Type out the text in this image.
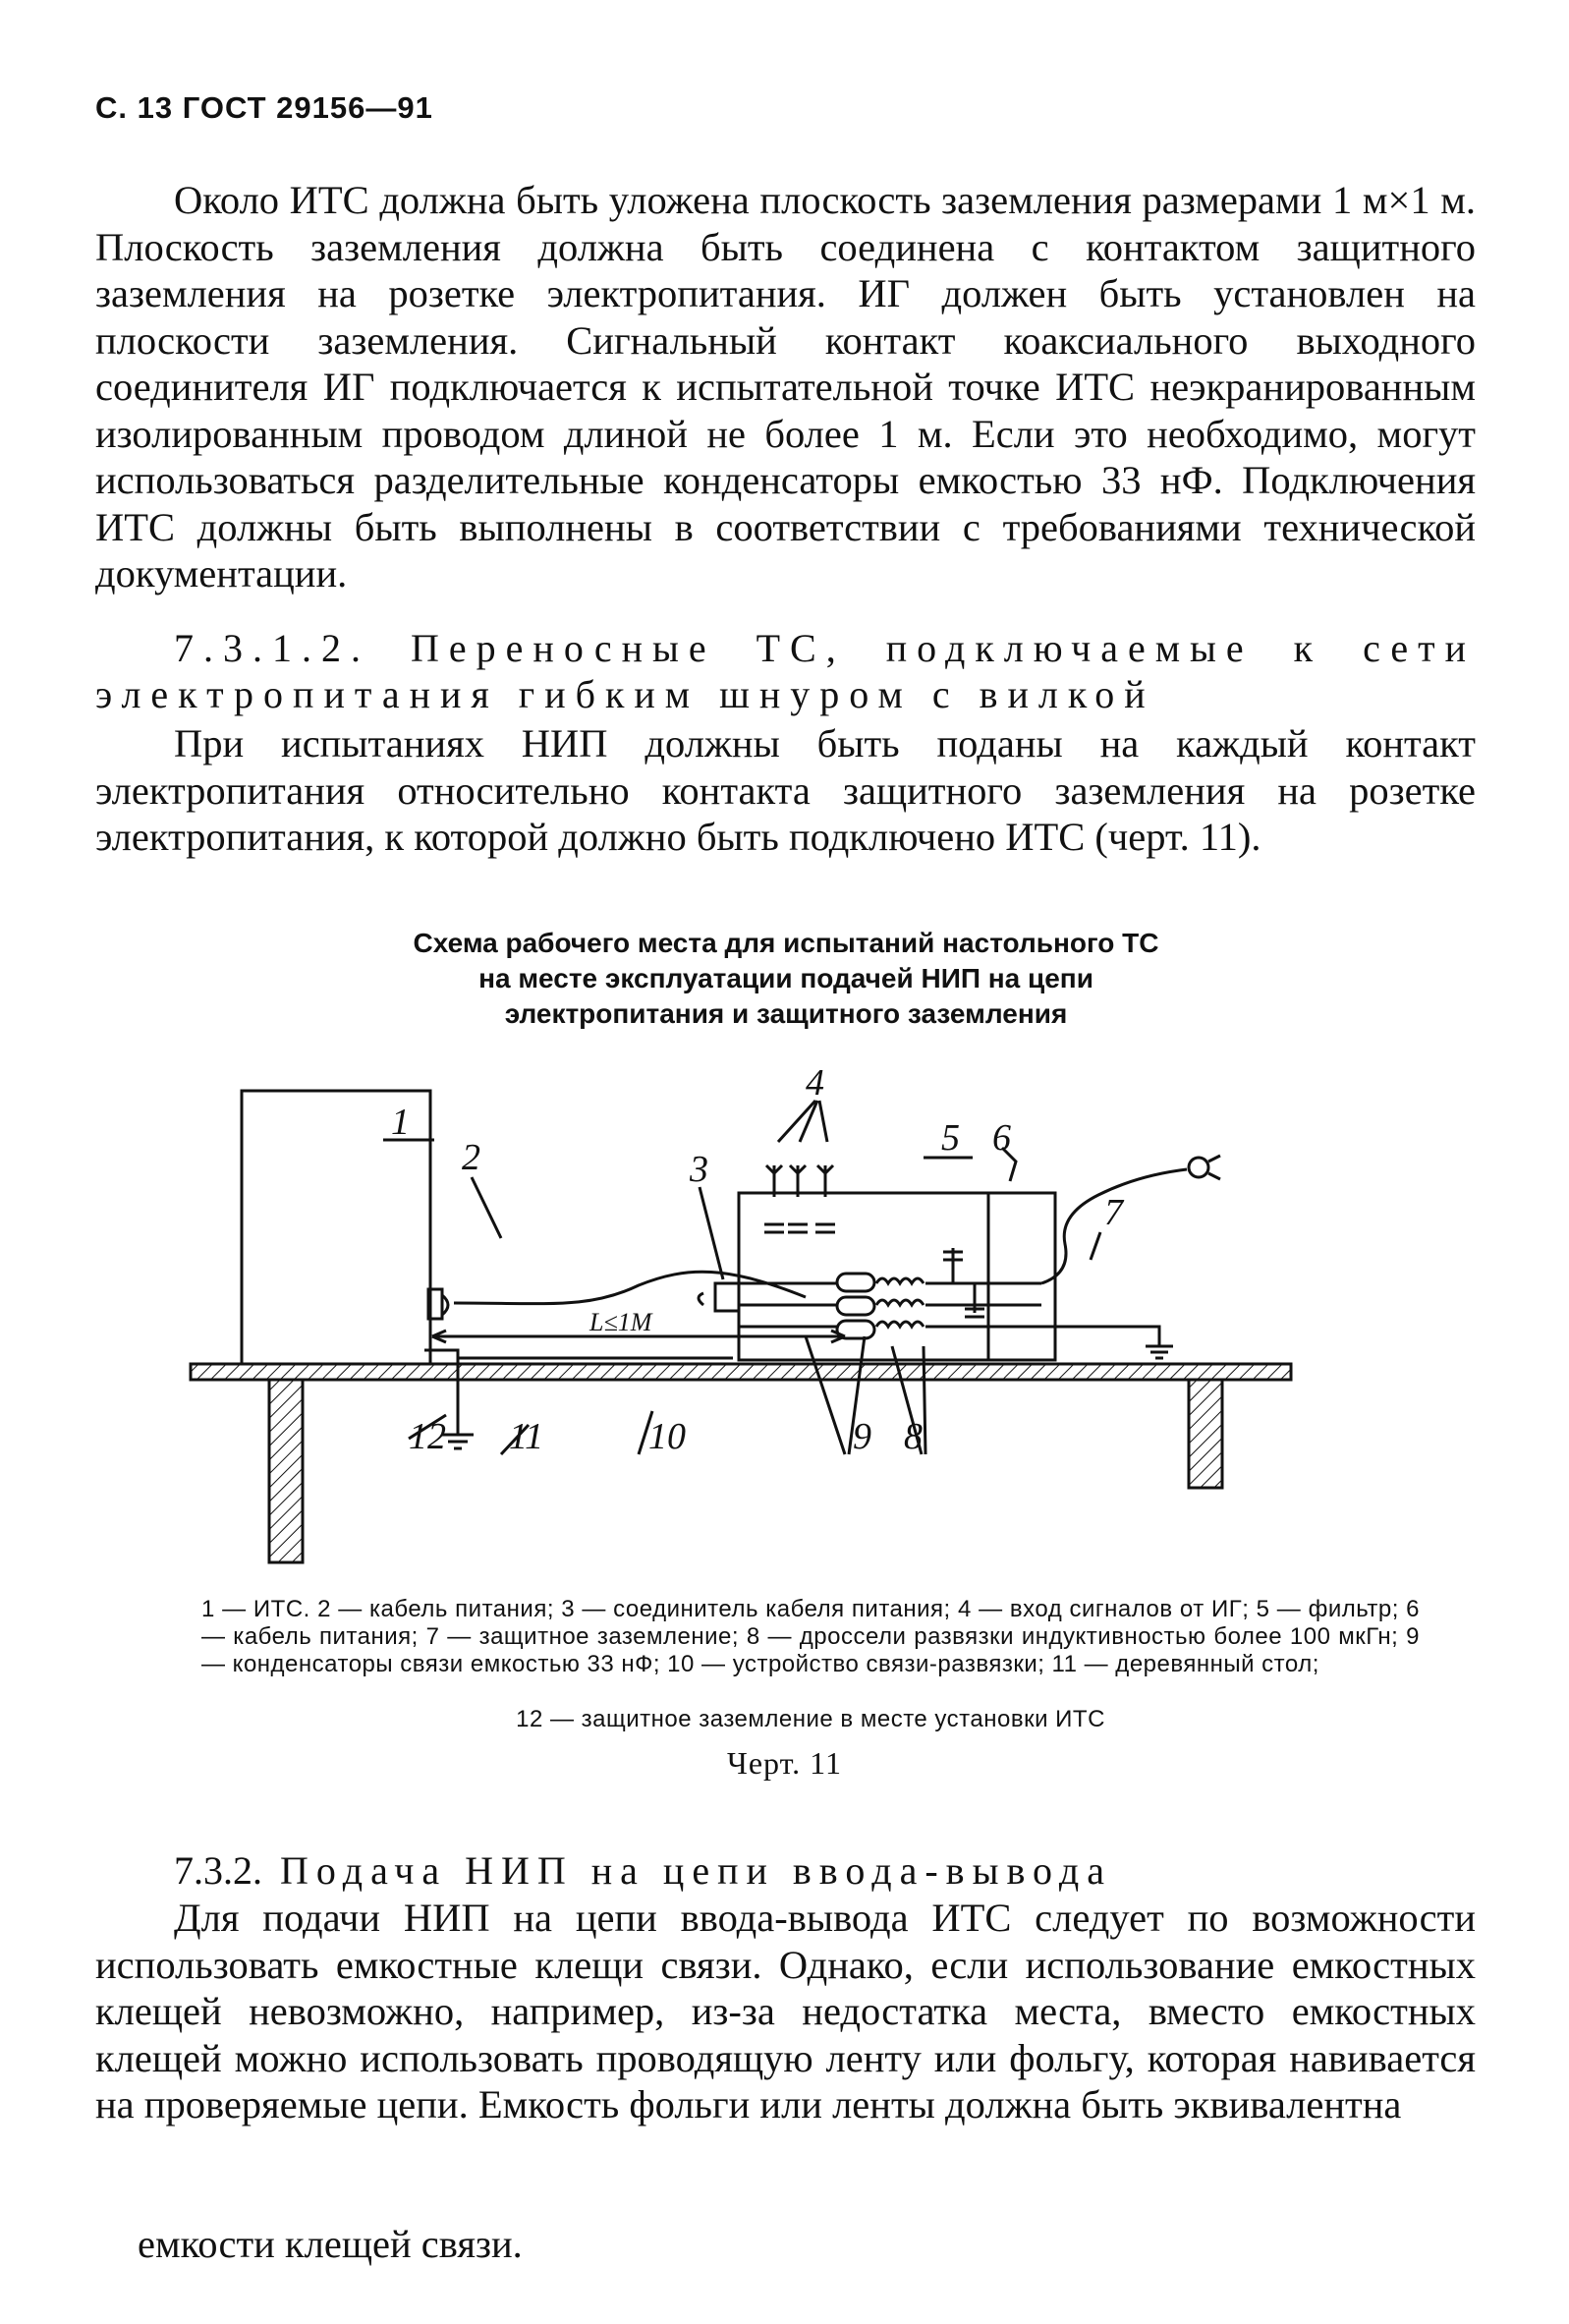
С. 13 ГОСТ 29156—91

Около ИТС должна быть уложена плоскость заземления размерами 1 м×1 м. Плоскость заземления должна быть соединена с контактом защитного заземления на розетке электропитания. ИГ должен быть установлен на плоскости заземления. Сигнальный контакт коаксиального выходного соединителя ИГ подключается к испытательной точке ИТС неэкранированным изолированным проводом длиной не более 1 м. Если это необходимо, могут использоваться разделительные конденсаторы емкостью 33 нФ. Подключения ИТС должны быть выполнены в соответствии с требованиями технической документации.

7.3.1.2. Переносные ТС, подключаемые к сети электропитания гибким шнуром с вилкой

При испытаниях НИП должны быть поданы на каждый контакт электропитания относительно контакта защитного заземления на розетке электропитания, к которой должно быть подключено ИТС (черт. 11).

Схема рабочего места для испытаний настольного ТС
на месте эксплуатации подачей НИП на цепи
электропитания и защитного заземления
1
2	3
4
5 6
7
8
9
10
11
12
L≤1M

1 — ИТС. 2 — кабель питания; 3 — соединитель кабеля питания; 4 — вход сигналов от ИГ; 5 — фильтр; 6 — кабель питания; 7 — защитное заземление; 8 — дроссели развязки индуктивностью более 100 мкГн; 9 — конденсаторы связи емкостью 33 нФ; 10 — устройство связи-развязки; 11 — деревянный стол;

12 — защитное заземление в месте установки ИТС

Черт. 11

7.3.2. Подача НИП на цепи ввода-вывода

Для подачи НИП на цепи ввода-вывода ИТС следует по возможности использовать емкостные клещи связи. Однако, если использование емкостных клещей невозможно, например, из-за недостатка места, вместо емкостных клещей можно использовать проводящую ленту или фольгу, которая навивается на проверяемые цепи. Емкость фольги или ленты должна быть эквивалентна

емкости клещей связи.
